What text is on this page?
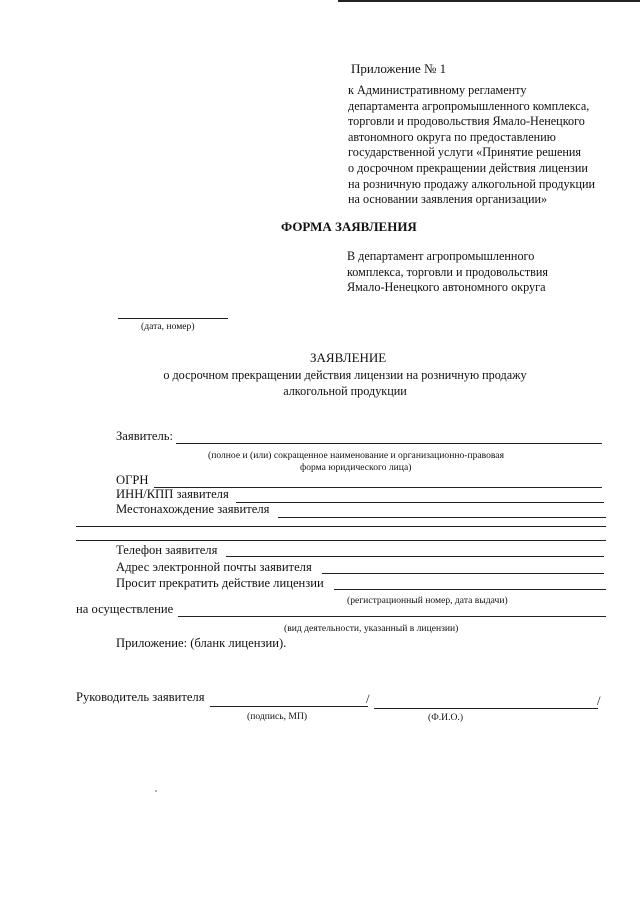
Приложение № 1
к Административному регламенту
департамента агропромышленного комплекса,
торговли и продовольствия Ямало-Ненецкого
автономного округа по предоставлению
государственной услуги «Принятие решения
о досрочном прекращении действия лицензии
на розничную продажу алкогольной продукции
на основании заявления организации»
ФОРМА ЗАЯВЛЕНИЯ
В департамент агропромышленного
комплекса, торговли и продовольствия
Ямало-Ненецкого автономного округа
(дата, номер)
ЗАЯВЛЕНИЕ
о досрочном прекращении действия лицензии на розничную продажу
алкогольной продукции
Заявитель:
(полное и (или) сокращенное наименование и организационно-правовая
форма юридического лица)
ОГРН
ИНН/КПП заявителя
Местонахождение заявителя
Телефон заявителя
Адрес электронной почты заявителя
Просит прекратить действие лицензии
(регистрационный номер, дата выдачи)
на осуществление
(вид деятельности, указанный в лицензии)
Приложение: (бланк лицензии).
Руководитель заявителя	/	/
(подпись, МП)	(Ф.И.О.)
